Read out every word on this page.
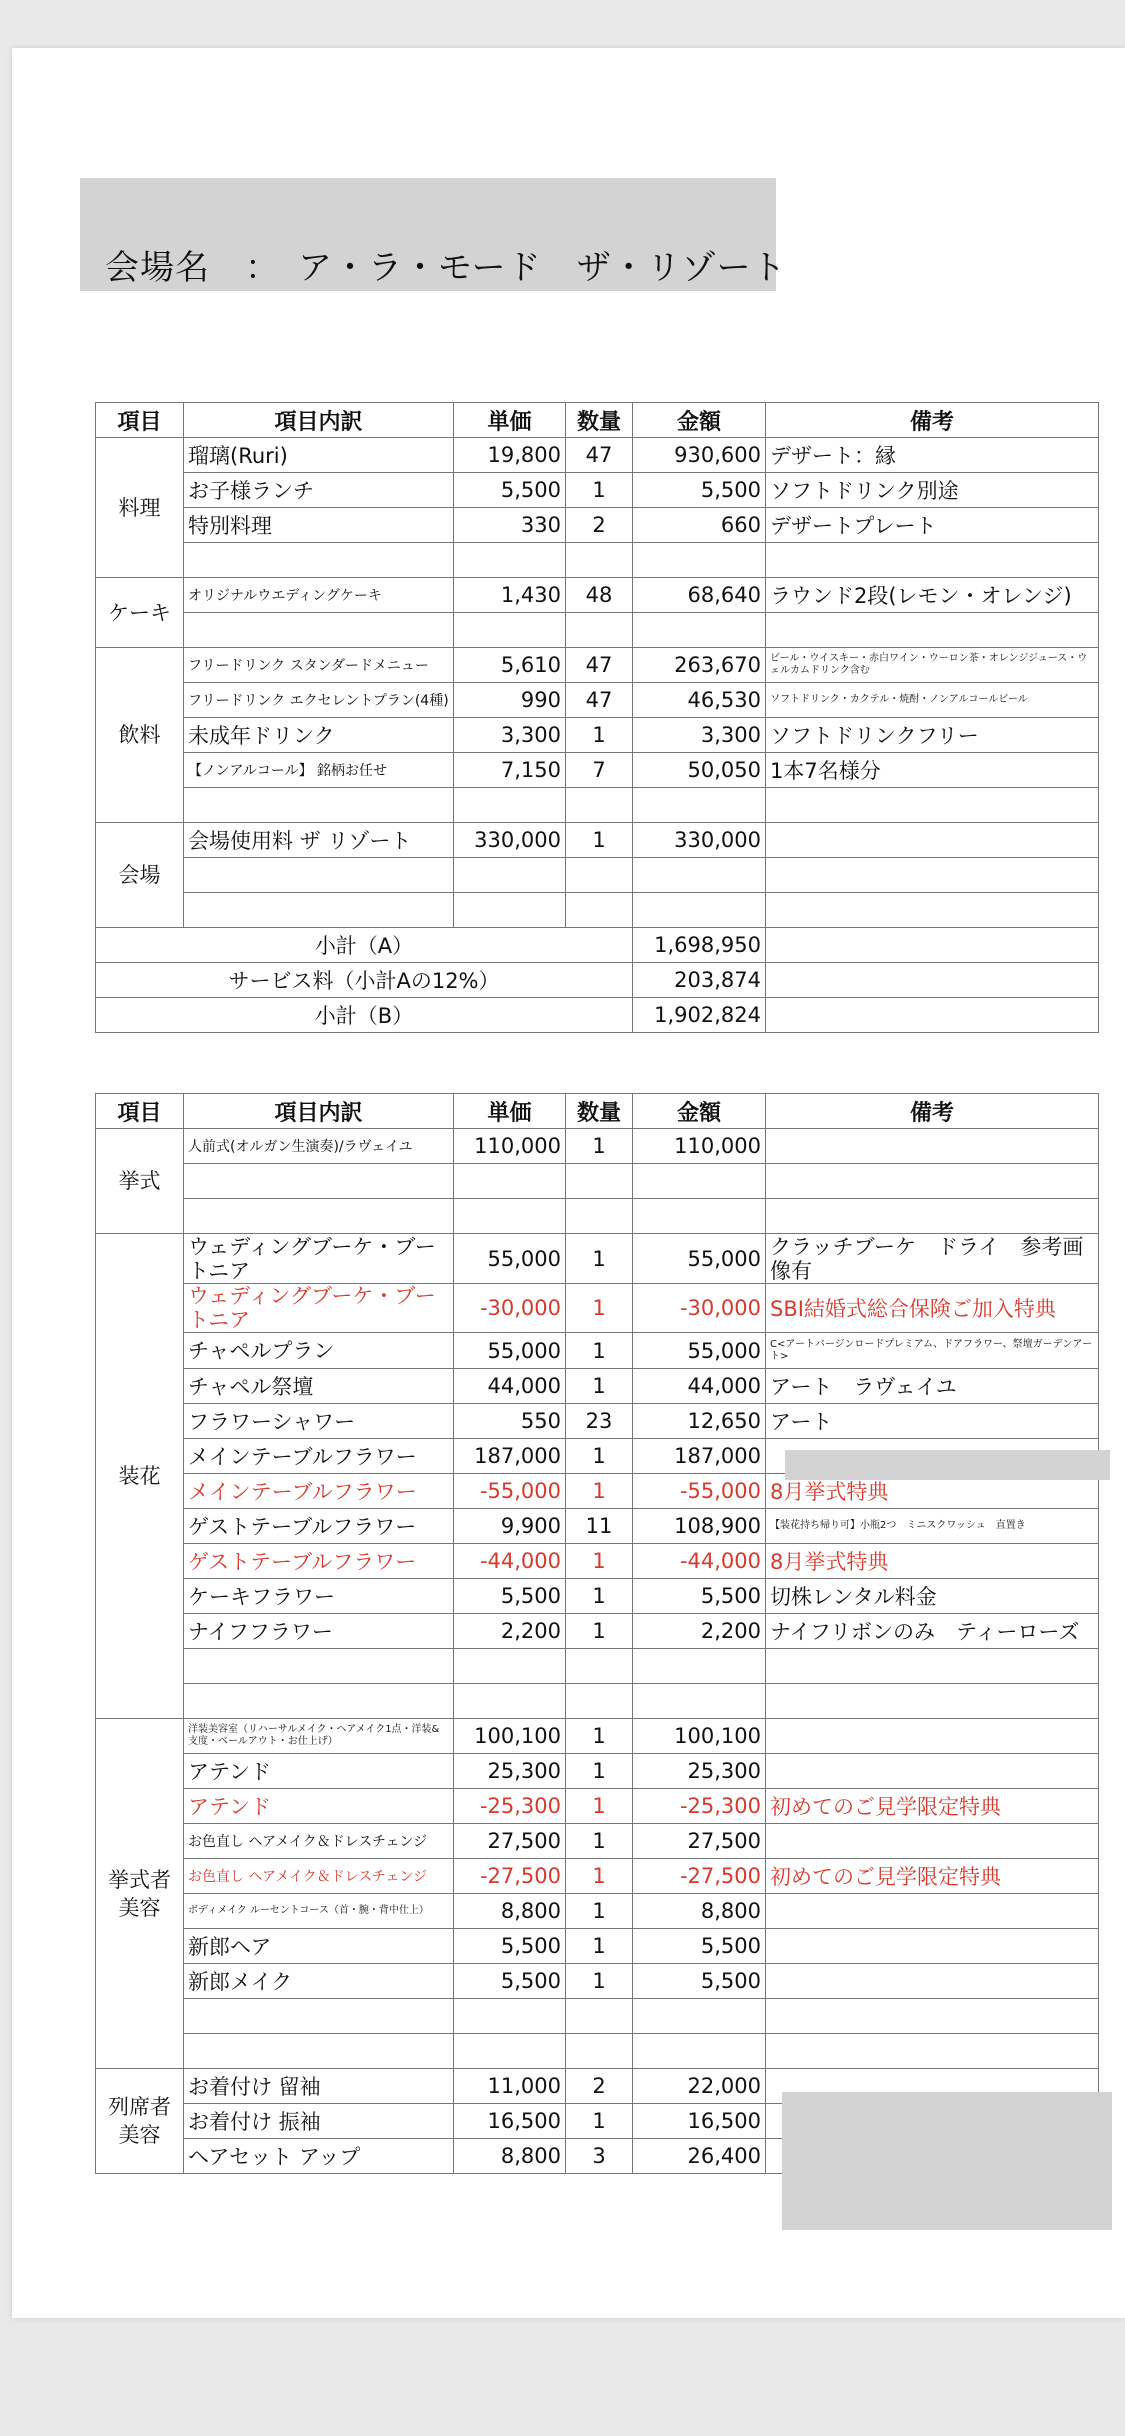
会場名　：　ア・ラ・モード　ザ・リゾート
項目	項目内訳	単価	数量	金額	備考
料理	瑠璃(Ruri)	19,800	47	930,600	デザート：縁
	お子様ランチ	5,500	1	5,500	ソフトドリンク別途
	特別料理	330	2	660	デザートプレート

ケーキ	オリジナルウエディングケーキ	1,430	48	68,640	ラウンド2段(レモン・オレンジ)

飲料	フリードリンク スタンダードメニュー	5,610	47	263,670	ビール・ウイスキー・赤白ワイン・ウーロン茶・オレンジジュース・ウェルカムドリンク含む
	フリードリンク エクセレントプラン(4種)	990	47	46,530	ソフトドリンク・カクテル・焼酎・ノンアルコールビール
	未成年ドリンク	3,300	1	3,300	ソフトドリンクフリー
	【ノンアルコール】 銘柄お任せ	7,150	7	50,050	1本7名様分

会場	会場使用料 ザ リゾート	330,000	1	330,000	

小計（A）				1,698,950	
サービス料（小計Aの12%）				203,874	
小計（B）				1,902,824	
項目	項目内訳	単価	数量	金額	備考
挙式	人前式(オルガン生演奏)/ラヴェイユ	110,000	1	110,000	

装花	ウェディングブーケ・ブートニア	55,000	1	55,000	クラッチブーケ　ドライ　参考画像有
	ウェディングブーケ・ブートニア	-30,000	1	-30,000	SBI結婚式総合保険ご加入特典
	チャペルプラン	55,000	1	55,000	C<アートバージンロードプレミアム、ドアフラワー、祭壇ガーデンアート>
	チャペル祭壇	44,000	1	44,000	アート　ラヴェイユ
	フラワーシャワー	550	23	12,650	アート
	メインテーブルフラワー	187,000	1	187,000	
	メインテーブルフラワー	-55,000	1	-55,000	8月挙式特典
	ゲストテーブルフラワー	9,900	11	108,900	【装花持ち帰り可】小瓶2つ　ミニスクワッシュ　直置き
	ゲストテーブルフラワー	-44,000	1	-44,000	8月挙式特典
	ケーキフラワー	5,500	1	5,500	切株レンタル料金
	ナイフフラワー	2,200	1	2,200	ナイフリボンのみ　ティーローズ

挙式者美容	洋装美容室（リハーサルメイク・ヘアメイク1点・洋装&支度・ベールアウト・お仕上げ）	100,100	1	100,100	
	アテンド	25,300	1	25,300	
	アテンド	-25,300	1	-25,300	初めてのご見学限定特典
	お色直し ヘアメイク＆ドレスチェンジ	27,500	1	27,500	
	お色直し ヘアメイク＆ドレスチェンジ	-27,500	1	-27,500	初めてのご見学限定特典
	ボディメイク ルーセントコース（首・腕・背中仕上）	8,800	1	8,800	
	新郎ヘア	5,500	1	5,500	
	新郎メイク	5,500	1	5,500	

列席者美容	お着付け 留袖	11,000	2	22,000	
	お着付け 振袖	16,500	1	16,500	
	ヘアセット アップ	8,800	3	26,400	
